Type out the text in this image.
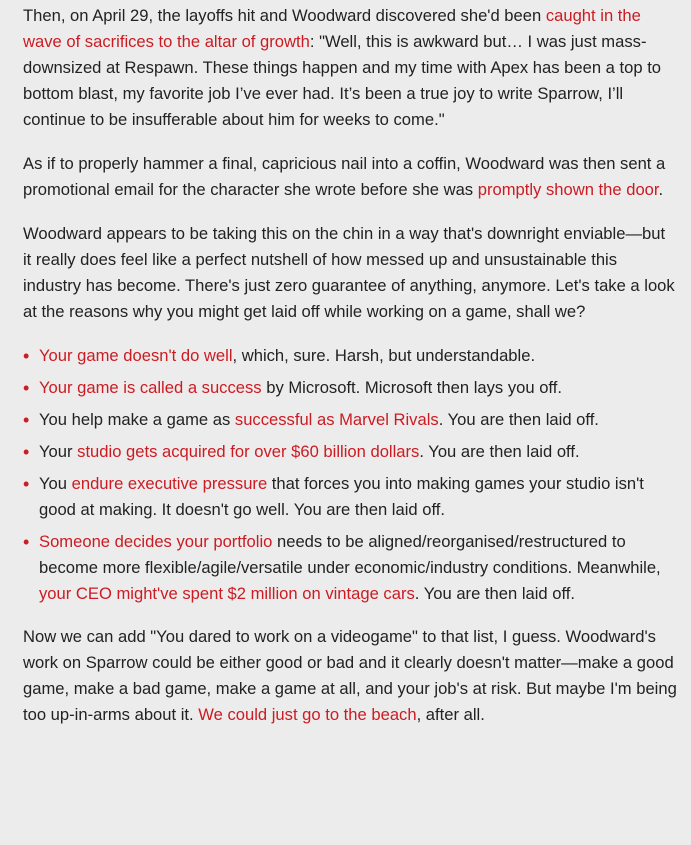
Then, on April 29, the layoffs hit and Woodward discovered she'd been caught in the wave of sacrifices to the altar of growth: "Well, this is awkward but… I was just mass-downsized at Respawn. These things happen and my time with Apex has been a top to bottom blast, my favorite job I’ve ever had. It’s been a true joy to write Sparrow, I’ll continue to be insufferable about him for weeks to come."

As if to properly hammer a final, capricious nail into a coffin, Woodward was then sent a promotional email for the character she wrote before she was promptly shown the door.

Woodward appears to be taking this on the chin in a way that's downright enviable—but it really does feel like a perfect nutshell of how messed up and unsustainable this industry has become. There's just zero guarantee of anything, anymore. Let's take a look at the reasons why you might get laid off while working on a game, shall we?

• Your game doesn't do well, which, sure. Harsh, but understandable.
• Your game is called a success by Microsoft. Microsoft then lays you off.
• You help make a game as successful as Marvel Rivals. You are then laid off.
• Your studio gets acquired for over $60 billion dollars. You are then laid off.
• You endure executive pressure that forces you into making games your studio isn't good at making. It doesn't go well. You are then laid off.
• Someone decides your portfolio needs to be aligned/reorganised/restructured to become more flexible/agile/versatile under economic/industry conditions. Meanwhile, your CEO might've spent $2 million on vintage cars. You are then laid off.

Now we can add "You dared to work on a videogame" to that list, I guess. Woodward's work on Sparrow could be either good or bad and it clearly doesn't matter—make a good game, make a bad game, make a game at all, and your job's at risk. But maybe I'm being too up-in-arms about it. We could just go to the beach, after all.
